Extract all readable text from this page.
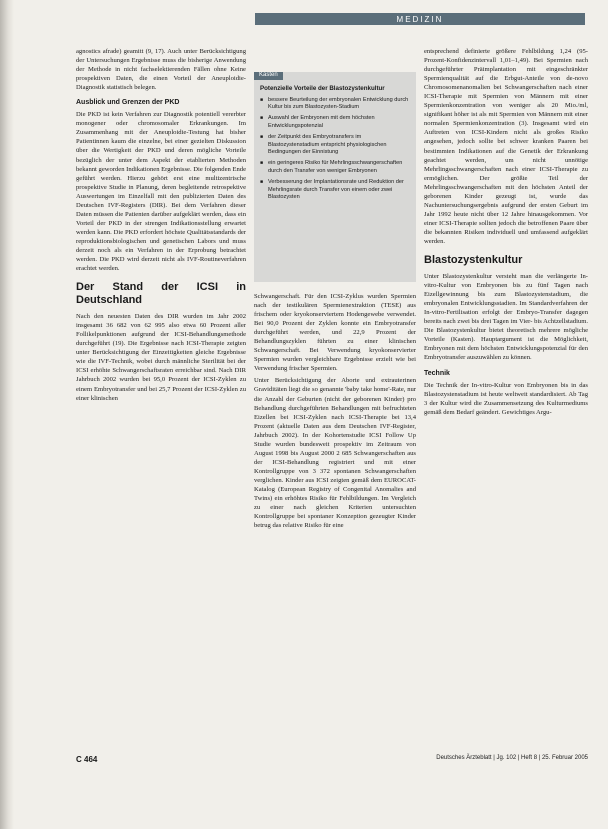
MEDIZIN

agnostics afrade) geamitt (9, 17). Auch unter Berücksichtigung der Untersuchungen Ergebnisse muss die bisherige Anwendung der Methode in nicht fachselektierenden Fällen ohne Keine prospektiven Daten, die einen Vorteil der Aneuploidie-Diagnostik statistisch belegen.

Ausblick und Grenzen der PKD

Die PKD ist kein Verfahren zur Diagnostik potentiell vererbter monogener oder chromosomaler Erkrankungen. Im Zusammenhang mit der Aneuploidie-Testung hat bisher Patientinnen kaum die einzelne, bei einer gezielten Diskussion über die Wertigkeit der PKD und deren mögliche Vorteile bezüglich der unter dem Aspekt der etablierten Methoden bekannt geworden Indikationen Ergebnisse. Die folgenden Ende geführt werden. Hierzu gehört erst eine multizentrische prospektive Studie in Planung, deren begleitende retrospektive Auswertungen im Einzelfall mit den publizierten Daten des Deutschen IVF-Registers (DIR). Bei dem Verfahren dieser Daten müssen die Patienten darüber aufgeklärt werden, dass ein Vorteil der PKD in der strengen Indikationsstellung erwartet werden kann. Die PKD erfordert höchste Qualitätsstandards der reproduktionsbiologischen und genetischen Labors und muss derzeit noch als ein Verfahren in der Erprobung betrachtet werden. Die PKD wird derzeit nicht als IVF-Routineverfahren erachtet werden.

Der Stand der ICSI in Deutschland

Nach den neuesten Daten des DIR wurden im Jahr 2002 insgesamt 36 682 von 62 995 also etwa 60 Prozent aller Follikelpunktionen aufgrund der ICSI-Behandlungsmethode durchgeführt (19). Die Ergebnisse nach ICSI-Therapie zeigten unter Berücksichtigung der Einzeitigkeiten gleiche Ergebnisse wie die IVF-Technik, wobei durch männliche Sterilität bei der ICSI erhöhte Schwangerschaftsraten erreichbar sind. Nach DIR Jahrbuch 2002 wurden bei 95,0 Prozent der ICSI-Zyklen zu einem Embryotransfer und bei 25,7 Prozent der ICSI-Zyklen zu einer klinischen

Kasten
Potenzielle Vorteile der Blastozystenkultur
■ bessere Beurteilung der embryonalen Entwicklung durch Kultur bis zum Blastozysten-Stadium
■ Auswahl der Embryonen mit dem höchsten Entwicklungspotenzial
■ der Zeitpunkt des Embryotransfers im Blastozystenstadium entspricht physiologischen Bedingungen der Einnistung
■ ein geringeres Risiko für Mehrlingsschwangerschaften durch den Transfer von weniger Embryonen
■ Verbesserung der Implantationsrate und Reduktion der Mehrlingsrate durch Transfer von einem oder zwei Blastozysten

Schwangerschaft. Für den ICSI-Zyklus wurden Spermien nach der testikulären Spermienextraktion (TESE) aus frischem oder kryokonserviertem Hodengewebe verwendet. Bei 90,0 Prozent der Zyklen konnte ein Embryotransfer durchgeführt werden, und 22,9 Prozent der Behandlungszyklen führten zu einer klinischen Schwangerschaft. Bei Verwendung kryokonservierter Spermien wurden vergleichbare Ergebnisse erzielt wie bei Verwendung frischer Spermien.

Unter Berücksichtigung der Aborte und extrauterinen Graviditäten liegt die so genannte 'baby take home'-Rate, nur die Anzahl der Geburten (nicht der geborenen Kinder) pro Behandlung durchgeführten Behandlungen mit befruchteten Eizellen bei ICSI-Zyklen nach ICSI-Therapie bei 13,4 Prozent (aktuelle Daten aus dem Deutschen IVF-Register, Jahrbuch 2002). In der Kohortenstudie ICSI Follow Up Studie wurden bundesweit prospektiv im Zeitraum von August 1998 bis August 2000 2 685 Schwangerschaften aus der ICSI-Behandlung registriert und mit einer Kontrollgruppe von 3 372 spontanen Schwangerschaften verglichen. Kinder aus ICSI zeigten gemäß dem EUROCAT-Katalog (European Registry of Congenital Anomalies and Twins) ein erhöhtes Risiko für Fehlbildungen. Im Vergleich zu einer nach gleichen Kriterien untersuchten Kontrollgruppe bei spontaner Konzeption gezeugter Kinder betrug das relative Risiko für eine

entsprechend definierte größere Fehlbildung 1,24 (95-Prozent-Konfidenzintervall 1,01–1,49). Bei Spermien nach durchgeführter Präimplantation mit eingeschränkter Spermienqualität auf die Erbgut-Anteile von de-novo Chromosomenanomalien bei Schwangerschaften nach einer ICSI-Therapie mit Spermien von Männern mit einer Spermienkonzentration von weniger als 20 Mio./ml, signifikant höher ist als mit Spermien von Männern mit einer normalen Spermienkonzentration (3). Insgesamt wird ein Auftreten von ICSI-Kindern nicht als großes Risiko angesehen, jedoch sollte bei schwer kranken Paaren bei bestimmten Indikationen auf die Genetik der Erkrankung geachtet werden, um nicht unnötige Mehrlingsschwangerschaften nach einer ICSI-Therapie zu ermöglichen. Der größte Teil der Mehrlingsschwangerschaften mit den höchsten Anteil der geborenen Kinder gezeugt ist, wurde das Nachuntersuchungsergebnis aufgrund der ersten Geburt im Jahr 1992 heute nicht über 12 Jahre hinausgekommen. Vor einer ICSI-Therapie sollten jedoch die betroffenen Paare über die bekannten Risiken individuell und umfassend aufgeklärt werden.

Blastozystenkultur

Unter Blastozystenkultur versteht man die verlängerte In-vitro-Kultur von Embryonen bis zu fünf Tagen nach Eizellgewinnung bis zum Blastozystenstadium, die embryonalen Entwicklungsstadien. Im Standardverfahren der In-vitro-Fertilisation erfolgt der Embryo-Transfer dagegen bereits nach zwei bis drei Tagen im Vier- bis Achtzellstadium. Die Blastozystenkultur bietet theoretisch mehrere mögliche Vorteile (Kasten). Hauptargument ist die Möglichkeit, Embryonen mit dem höchsten Entwicklungspotenzial für den Embryotransfer auszuwählen zu können.

Technik

Die Technik der In-vitro-Kultur von Embryonen bis in das Blastozystenstadium ist heute weltweit standardisiert. Ab Tag 3 der Kultur wird die Zusammensetzung des Kulturmediums gemäß dem Bedarf geändert. Gewichtiges Argu-

C 464	Deutsches Ärzteblatt | Jg. 102 | Heft 8 | 25. Februar 2005
